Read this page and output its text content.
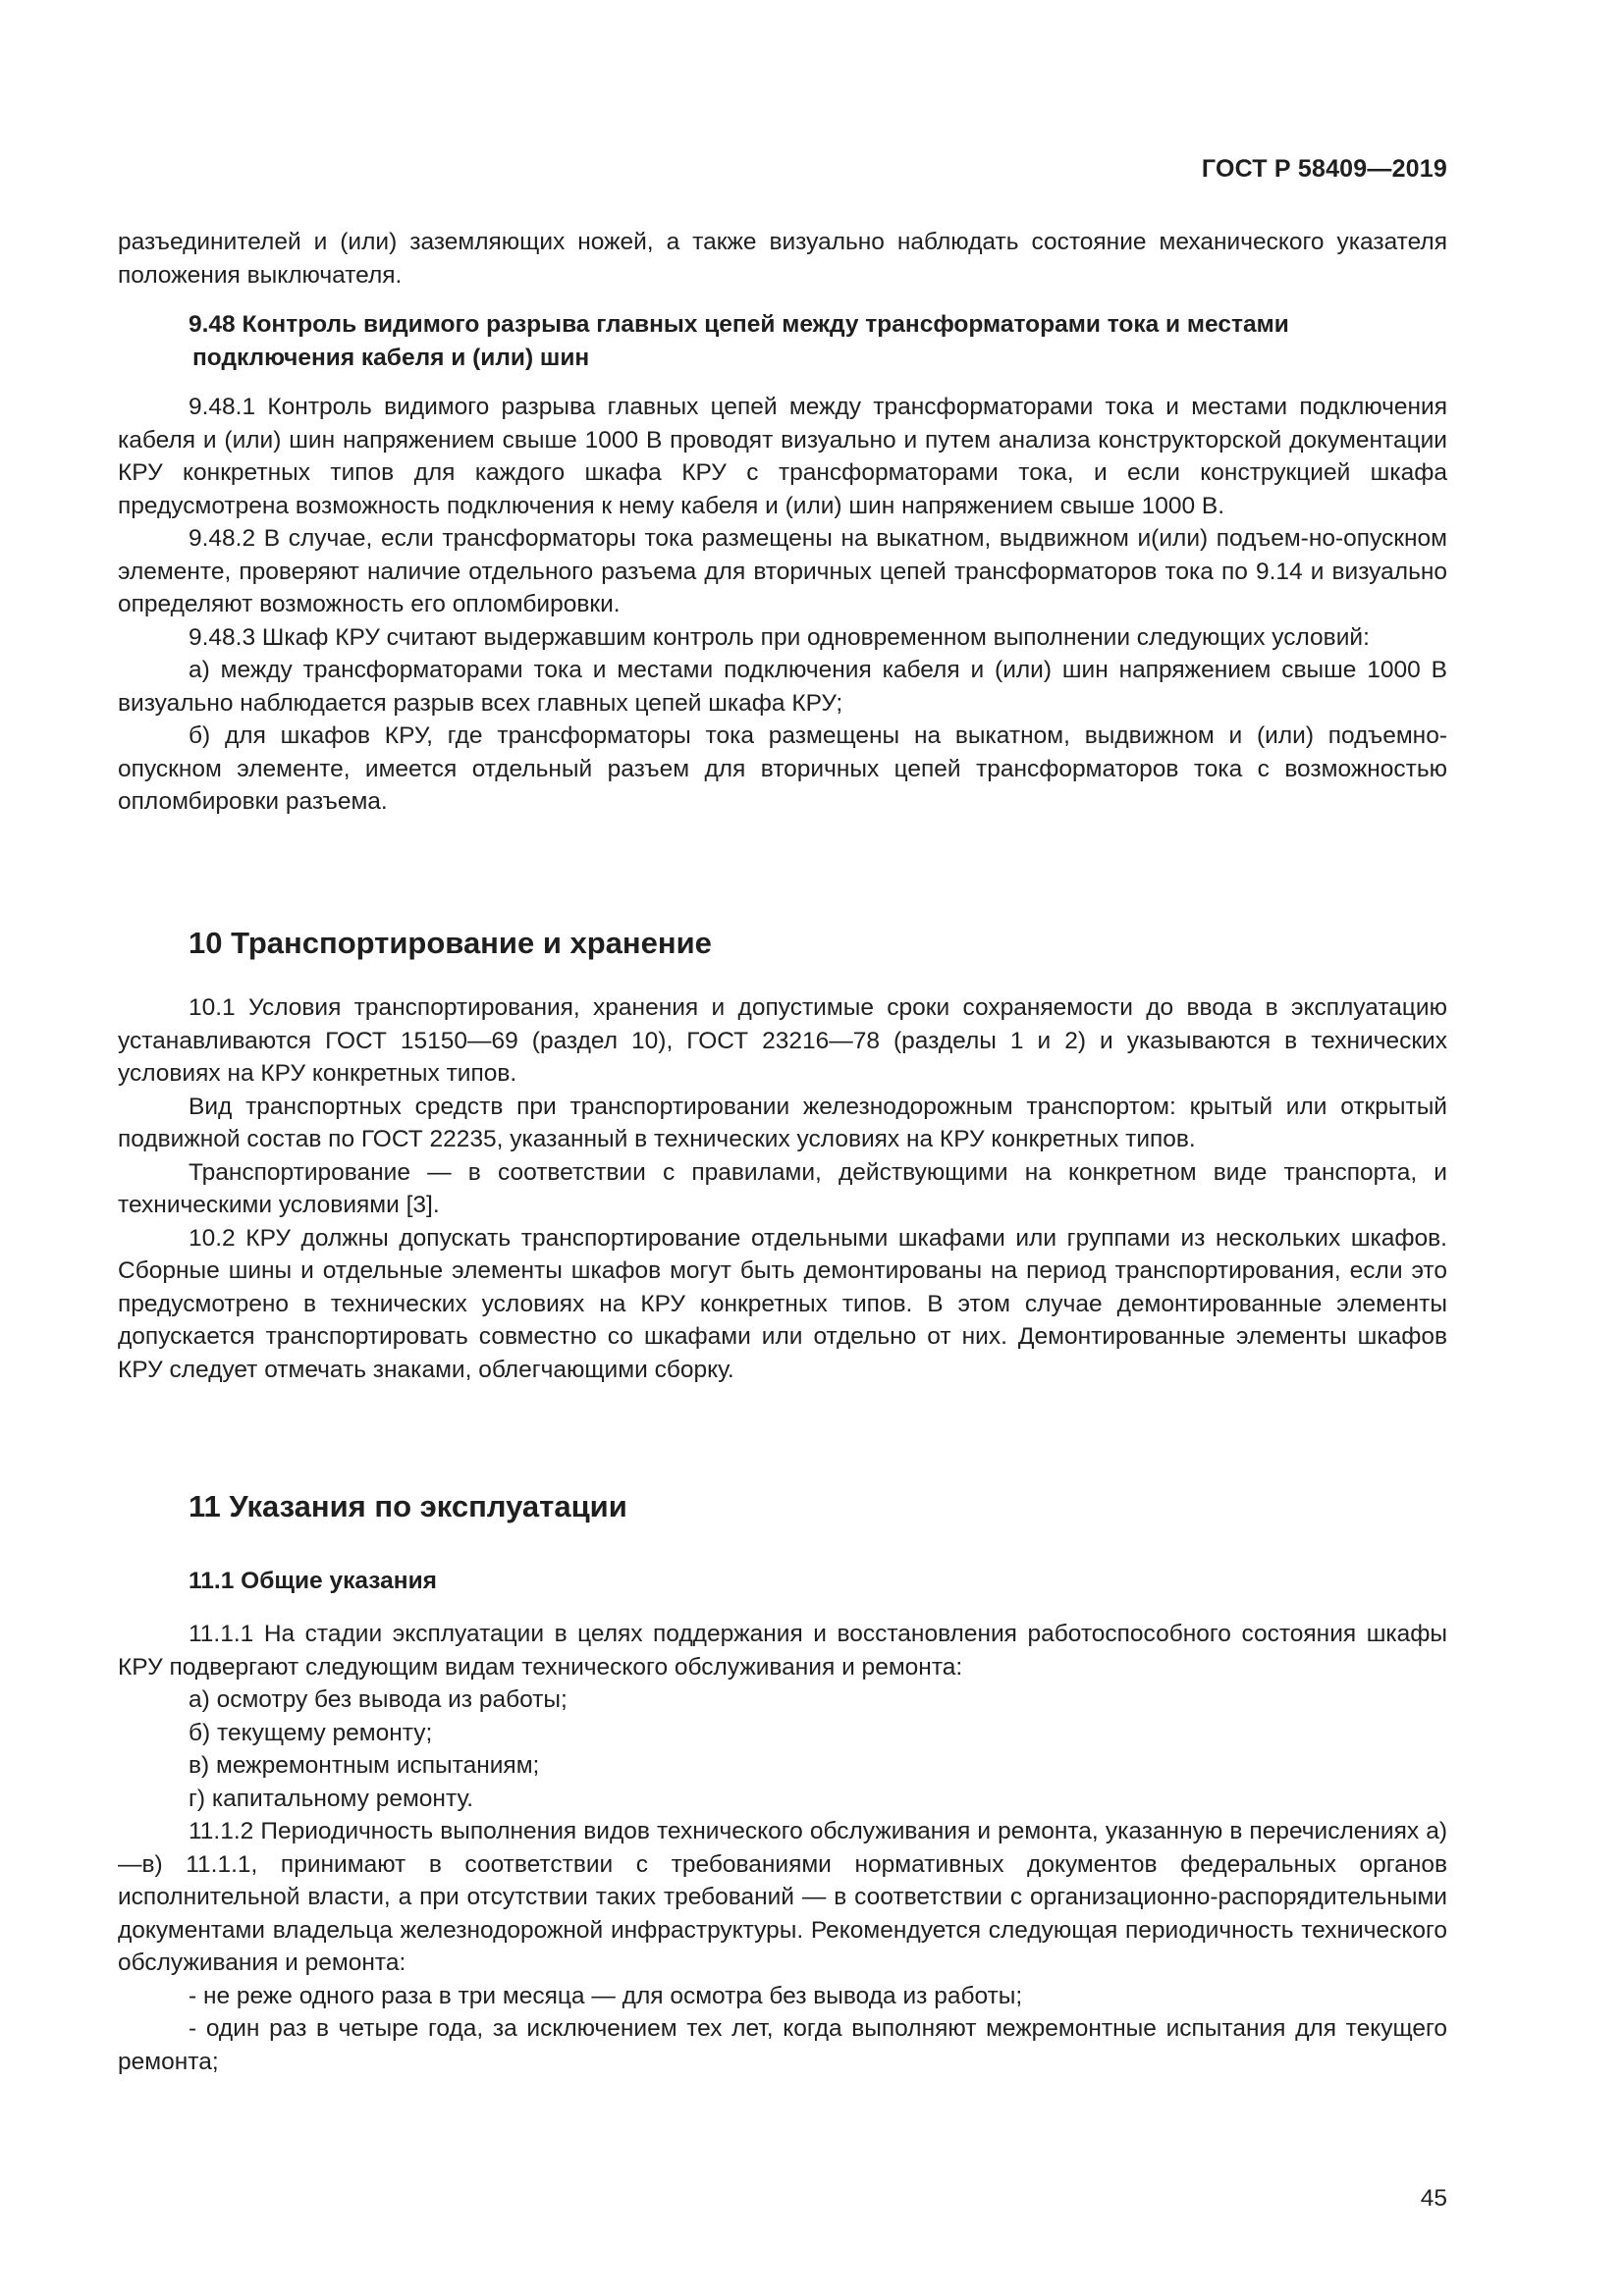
ГОСТ Р 58409—2019

разъединителей и (или) заземляющих ножей, а также визуально наблюдать состояние механического указателя положения выключателя.

9.48 Контроль видимого разрыва главных цепей между трансформаторами тока и местами
подключения кабеля и (или) шин

9.48.1 Контроль видимого разрыва главных цепей между трансформаторами тока и местами подключения кабеля и (или) шин напряжением свыше 1000 В проводят визуально и путем анализа конструкторской документации КРУ конкретных типов для каждого шкафа КРУ с трансформаторами тока, и если конструкцией шкафа предусмотрена возможность подключения к нему кабеля и (или) шин напряжением свыше 1000 В.

9.48.2 В случае, если трансформаторы тока размещены на выкатном, выдвижном и(или) подъем-но-опускном элементе, проверяют наличие отдельного разъема для вторичных цепей трансформаторов тока по 9.14 и визуально определяют возможность его опломбировки.

9.48.3 Шкаф КРУ считают выдержавшим контроль при одновременном выполнении следующих условий:

а) между трансформаторами тока и местами подключения кабеля и (или) шин напряжением свыше 1000 В визуально наблюдается разрыв всех главных цепей шкафа КРУ;

б) для шкафов КРУ, где трансформаторы тока размещены на выкатном, выдвижном и (или) подъемно-опускном элементе, имеется отдельный разъем для вторичных цепей трансформаторов тока с возможностью опломбировки разъема.

10 Транспортирование и хранение

10.1 Условия транспортирования, хранения и допустимые сроки сохраняемости до ввода в эксплуатацию устанавливаются ГОСТ 15150—69 (раздел 10), ГОСТ 23216—78 (разделы 1 и 2) и указываются в технических условиях на КРУ конкретных типов.

Вид транспортных средств при транспортировании железнодорожным транспортом: крытый или открытый подвижной состав по ГОСТ 22235, указанный в технических условиях на КРУ конкретных типов.

Транспортирование — в соответствии с правилами, действующими на конкретном виде транспорта, и техническими условиями [3].

10.2 КРУ должны допускать транспортирование отдельными шкафами или группами из нескольких шкафов. Сборные шины и отдельные элементы шкафов могут быть демонтированы на период транспортирования, если это предусмотрено в технических условиях на КРУ конкретных типов. В этом случае демонтированные элементы допускается транспортировать совместно со шкафами или отдельно от них. Демонтированные элементы шкафов КРУ следует отмечать знаками, облегчающими сборку.

11 Указания по эксплуатации
11.1 Общие указания

11.1.1 На стадии эксплуатации в целях поддержания и восстановления работоспособного состояния шкафы КРУ подвергают следующим видам технического обслуживания и ремонта:

а) осмотру без вывода из работы;

б) текущему ремонту;

в) межремонтным испытаниям;

г) капитальному ремонту.

11.1.2 Периодичность выполнения видов технического обслуживания и ремонта, указанную в перечислениях а)—в) 11.1.1, принимают в соответствии с требованиями нормативных документов федеральных органов исполнительной власти, а при отсутствии таких требований — в соответствии с организационно-распорядительными документами владельца железнодорожной инфраструктуры. Рекомендуется следующая периодичность технического обслуживания и ремонта:

- не реже одного раза в три месяца — для осмотра без вывода из работы;

- один раз в четыре года, за исключением тех лет, когда выполняют межремонтные испытания для текущего ремонта;

45
